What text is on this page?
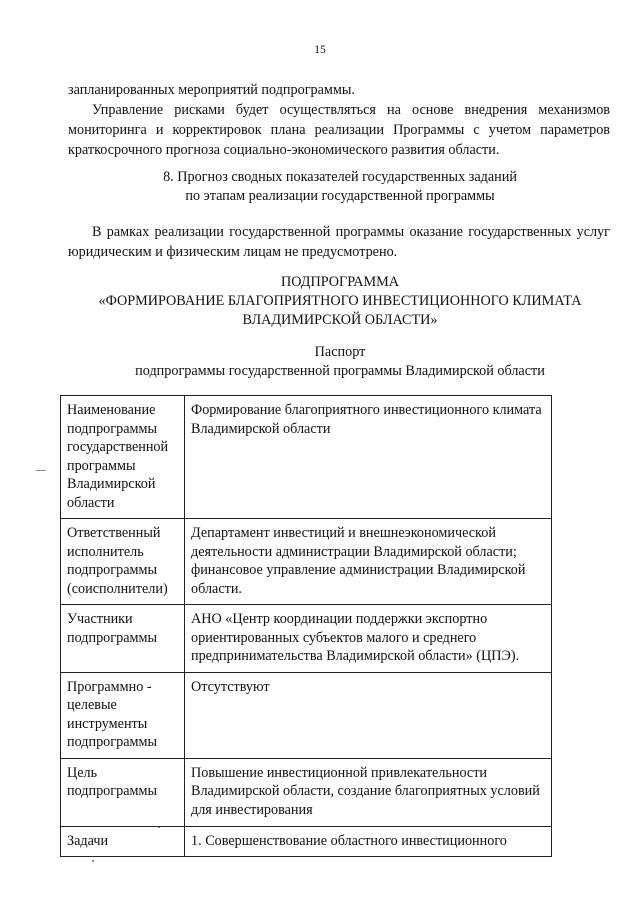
15
запланированных мероприятий подпрограммы.
Управление рисками будет осуществляться на основе внедрения механизмов мониторинга и корректировок плана реализации Программы с учетом параметров краткосрочного прогноза социально-экономического развития области.
8. Прогноз сводных показателей государственных заданий
по этапам реализации государственной программы
В рамках реализации государственной программы оказание государственных услуг юридическим и физическим лицам не предусмотрено.
ПОДПРОГРАММА
«ФОРМИРОВАНИЕ БЛАГОПРИЯТНОГО ИНВЕСТИЦИОННОГО КЛИМАТА
ВЛАДИМИРСКОЙ ОБЛАСТИ»
Паспорт
подпрограммы государственной программы Владимирской области
Наименование подпрограммы государственной программы Владимирской области	Формирование благоприятного инвестиционного климата Владимирской области
Ответственный исполнитель подпрограммы (соисполнители)	Департамент инвестиций и внешнеэкономической деятельности администрации Владимирской области; финансовое управление администрации Владимирской области.
Участники подпрограммы	АНО «Центр координации поддержки экспортно ориентированных субъектов малого и среднего предпринимательства Владимирской области» (ЦПЭ).
Программно - целевые инструменты подпрограммы	Отсутствуют
Цель подпрограммы	Повышение инвестиционной привлекательности Владимирской области, создание благоприятных условий для инвестирования
Задачи	1. Совершенствование областного инвестиционного
